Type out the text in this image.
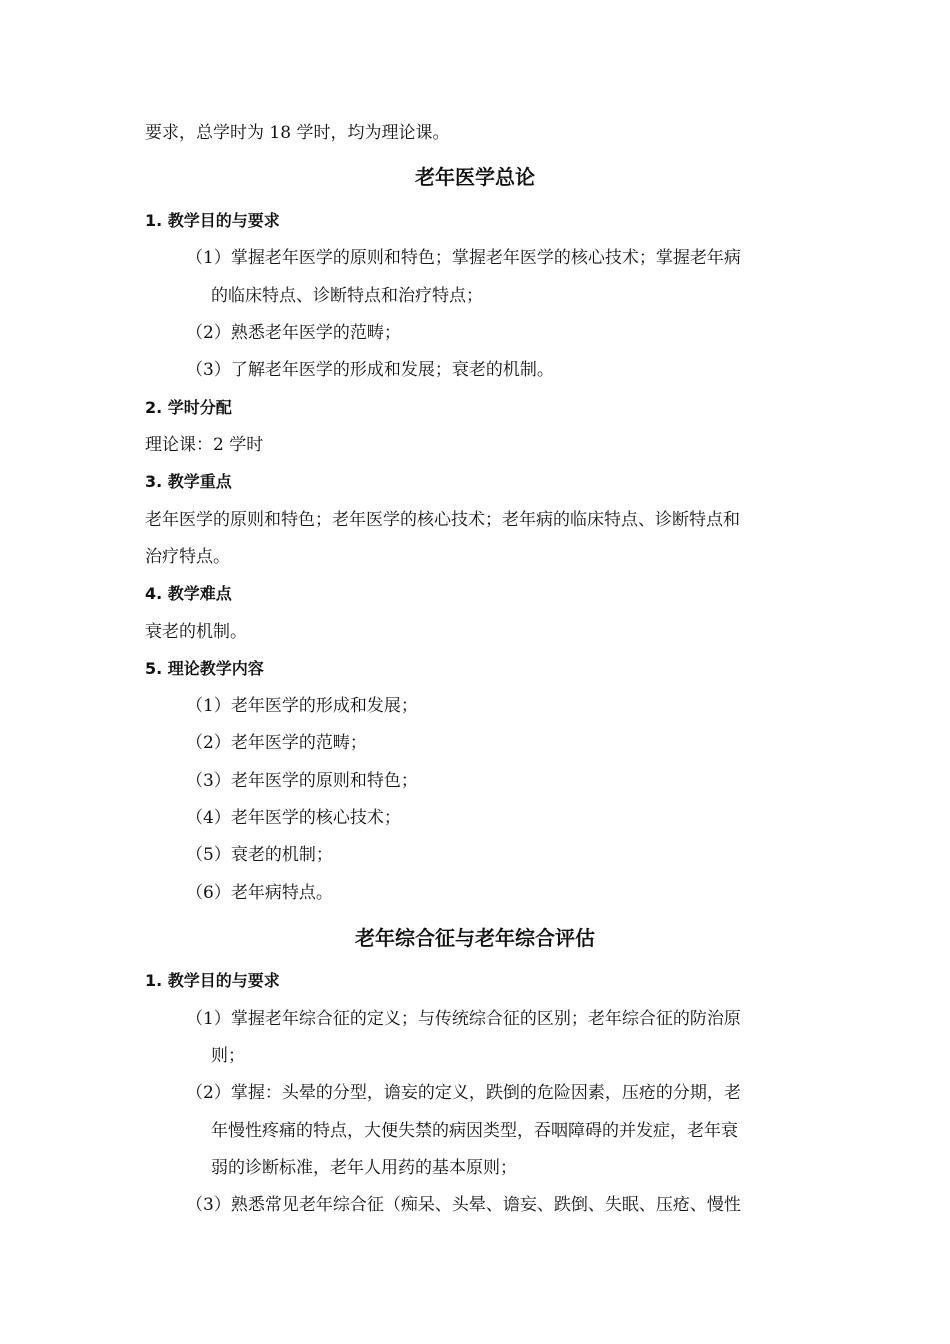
要求，总学时为 18 学时，均为理论课。
老年医学总论
1. 教学目的与要求
（1）掌握老年医学的原则和特色；掌握老年医学的核心技术；掌握老年病
的临床特点、诊断特点和治疗特点；
（2）熟悉老年医学的范畴；
（3）了解老年医学的形成和发展；衰老的机制。
2. 学时分配
理论课：2 学时
3. 教学重点
老年医学的原则和特色；老年医学的核心技术；老年病的临床特点、诊断特点和
治疗特点。
4. 教学难点
衰老的机制。
5. 理论教学内容
（1）老年医学的形成和发展；
（2）老年医学的范畴；
（3）老年医学的原则和特色；
（4）老年医学的核心技术；
（5）衰老的机制；
（6）老年病特点。
老年综合征与老年综合评估
1. 教学目的与要求
（1）掌握老年综合征的定义；与传统综合征的区别；老年综合征的防治原
则；
（2）掌握：头晕的分型，谵妄的定义，跌倒的危险因素，压疮的分期，老
年慢性疼痛的特点，大便失禁的病因类型，吞咽障碍的并发症，老年衰
弱的诊断标准，老年人用药的基本原则；
（3）熟悉常见老年综合征（痴呆、头晕、谵妄、跌倒、失眠、压疮、慢性
